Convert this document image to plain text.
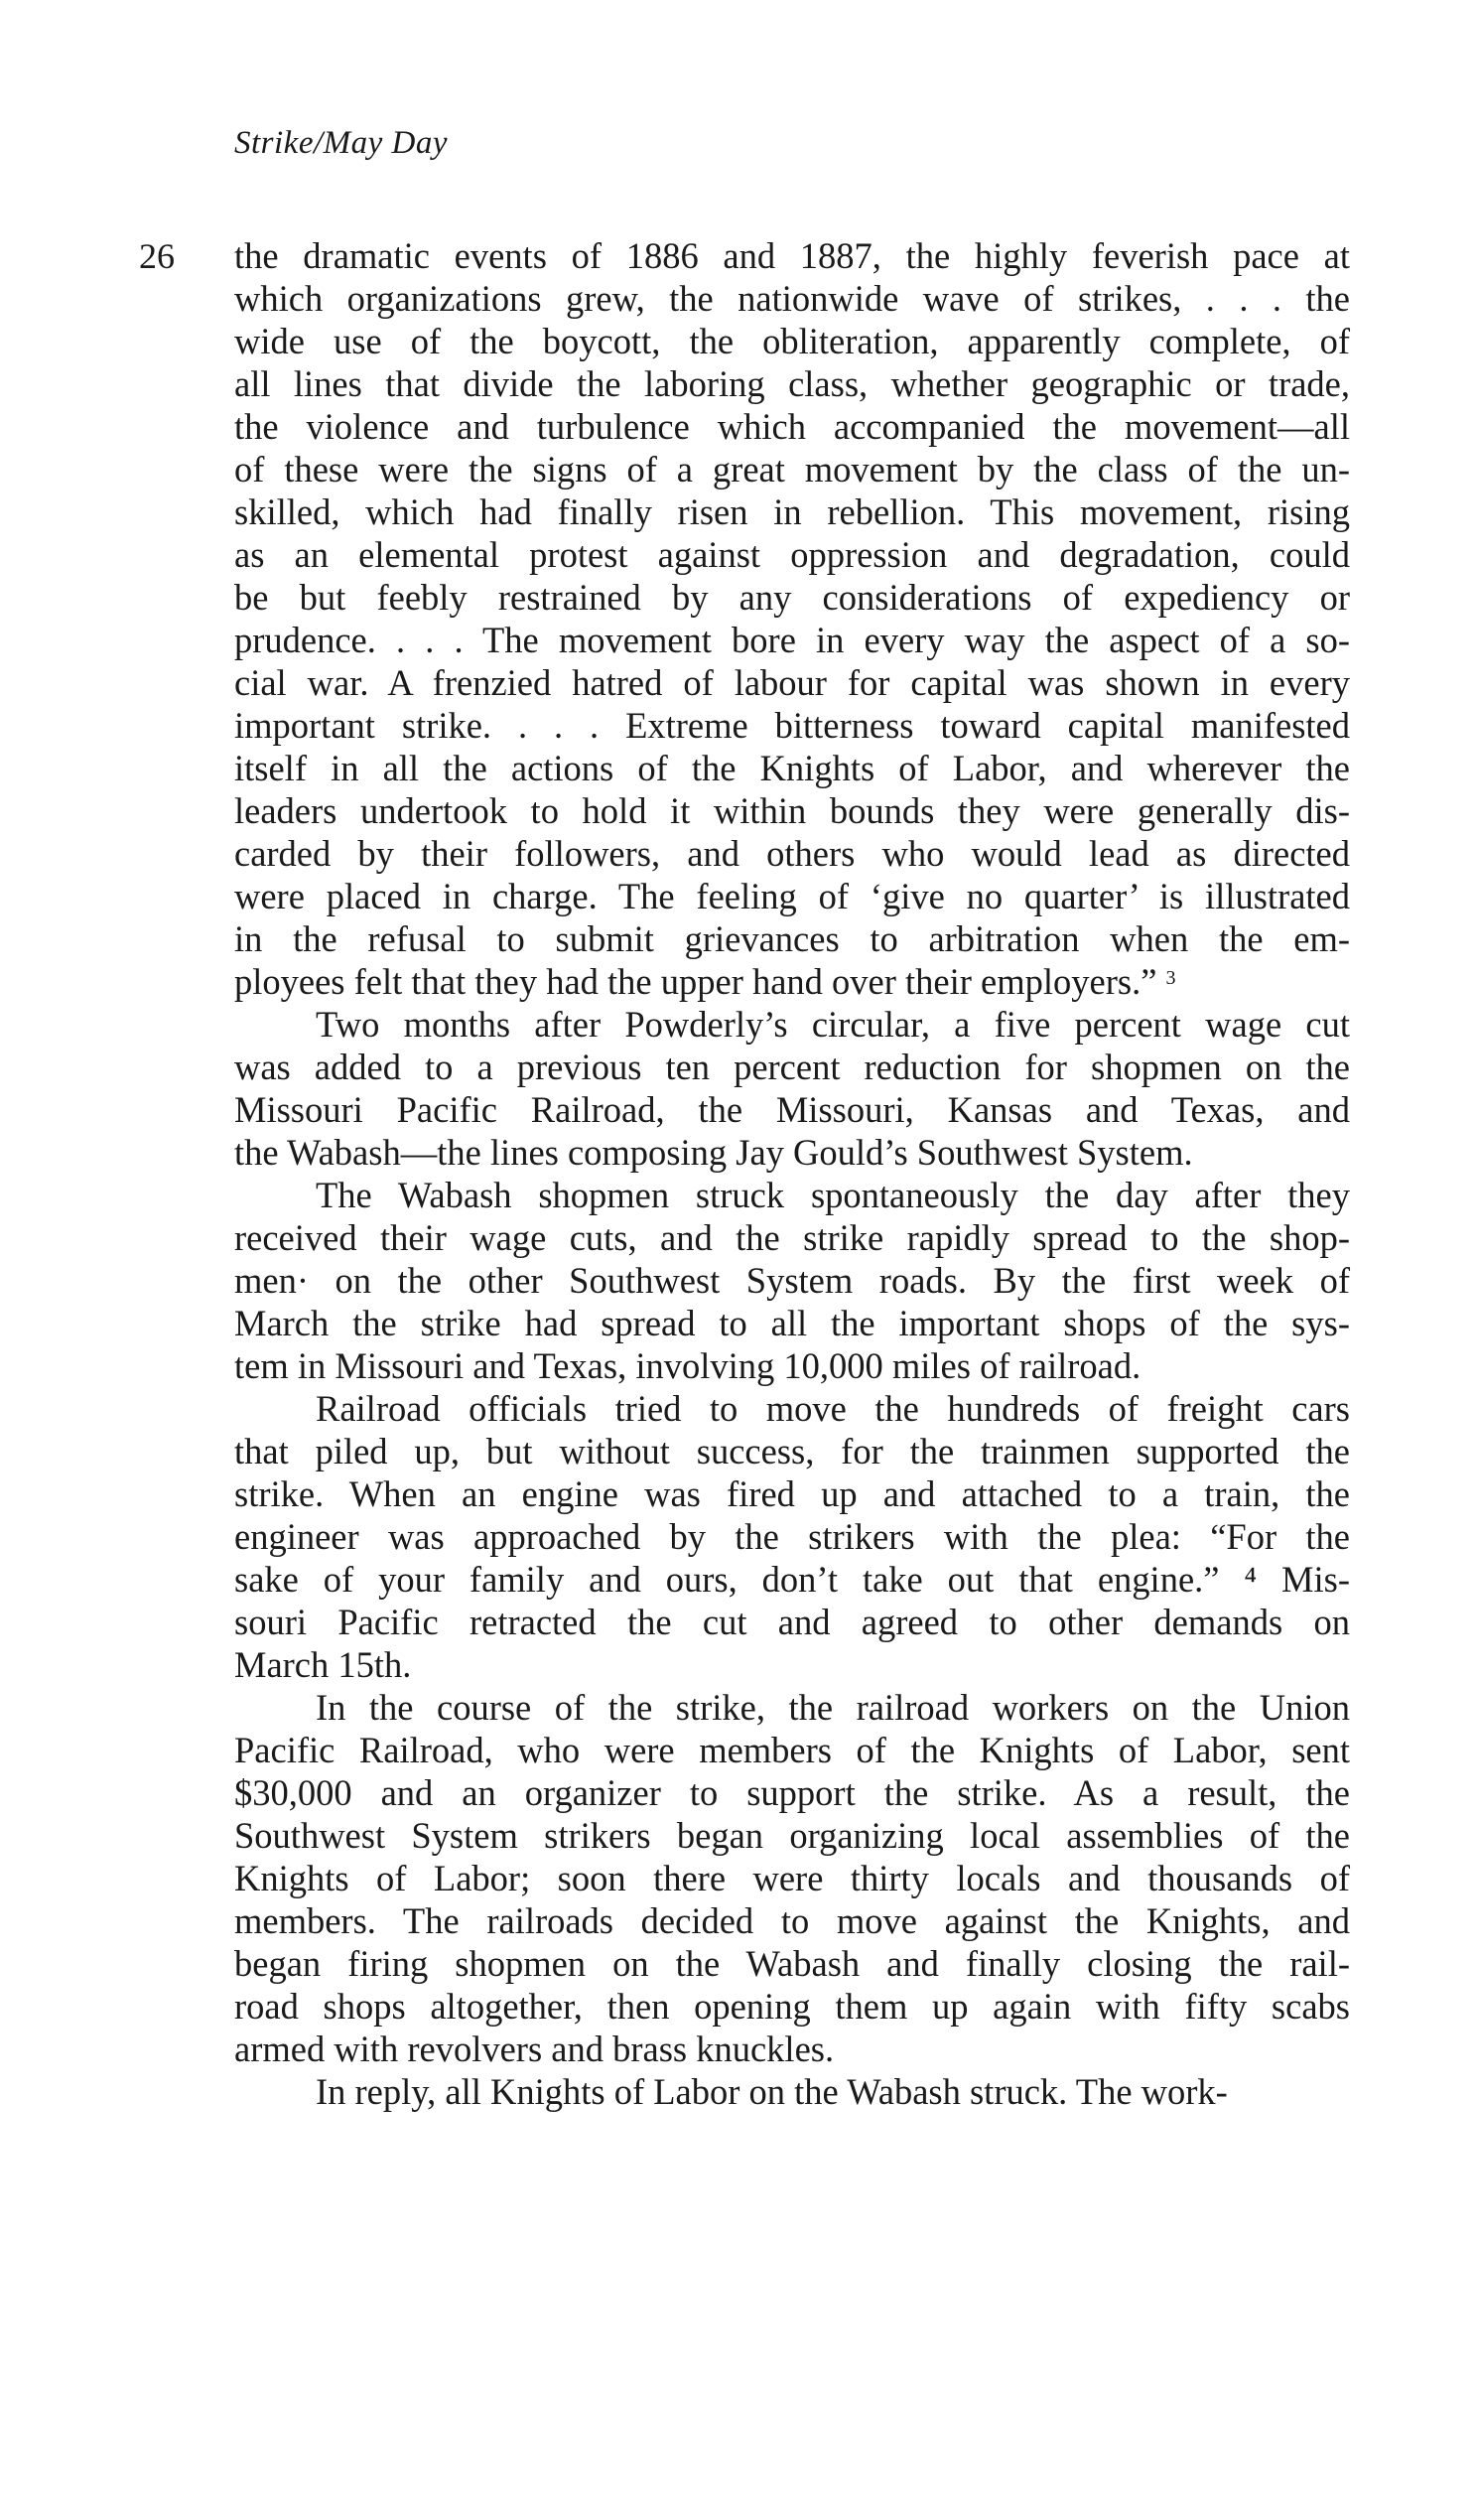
Strike/May Day
26 the dramatic events of 1886 and 1887, the highly feverish pace at

which organizations grew, the nationwide wave of strikes, . . . the

wide use of the boycott, the obliteration, apparently complete, of

all lines that divide the laboring class, whether geographic or trade,

the violence and turbulence which accompanied the movement—all

of these were the signs of a great movement by the class of the un-

skilled, which had finally risen in rebellion. This movement, rising

as an elemental protest against oppression and degradation, could

be but feebly restrained by any considerations of expediency or

prudence. . . . The movement bore in every way the aspect of a so-

cial war. A frenzied hatred of labour for capital was shown in every

important strike. . . . Extreme bitterness toward capital manifested

itself in all the actions of the Knights of Labor, and wherever the

leaders undertook to hold it within bounds they were generally dis-

carded by their followers, and others who would lead as directed

were placed in charge. The feeling of ‘give no quarter’ is illustrated

in the refusal to submit grievances to arbitration when the em-

ployees felt that they had the upper hand over their employers.” $^3$

Two months after Powderly’s circular, a five percent wage cut

was added to a previous ten percent reduction for shopmen on the

Missouri Pacific Railroad, the Missouri, Kansas and Texas, and

the Wabash—the lines composing Jay Gould’s Southwest System.

The Wabash shopmen struck spontaneously the day after they

received their wage cuts, and the strike rapidly spread to the shop-

men· on the other Southwest System roads. By the first week of

March the strike had spread to all the important shops of the sys-

tem in Missouri and Texas, involving 10,000 miles of railroad.

Railroad officials tried to move the hundreds of freight cars

that piled up, but without success, for the trainmen supported the

strike. When an engine was fired up and attached to a train, the

engineer was approached by the strikers with the plea: “For the

sake of your family and ours, don’t take out that engine.” ⁴ Mis-

souri Pacific retracted the cut and agreed to other demands on

March 15th.

In the course of the strike, the railroad workers on the Union

Pacific Railroad, who were members of the Knights of Labor, sent

$30,000 and an organizer to support the strike. As a result, the

Southwest System strikers began organizing local assemblies of the

Knights of Labor; soon there were thirty locals and thousands of

members. The railroads decided to move against the Knights, and

began firing shopmen on the Wabash and finally closing the rail-

road shops altogether, then opening them up again with fifty scabs

armed with revolvers and brass knuckles.

In reply, all Knights of Labor on the Wabash struck. The work-
